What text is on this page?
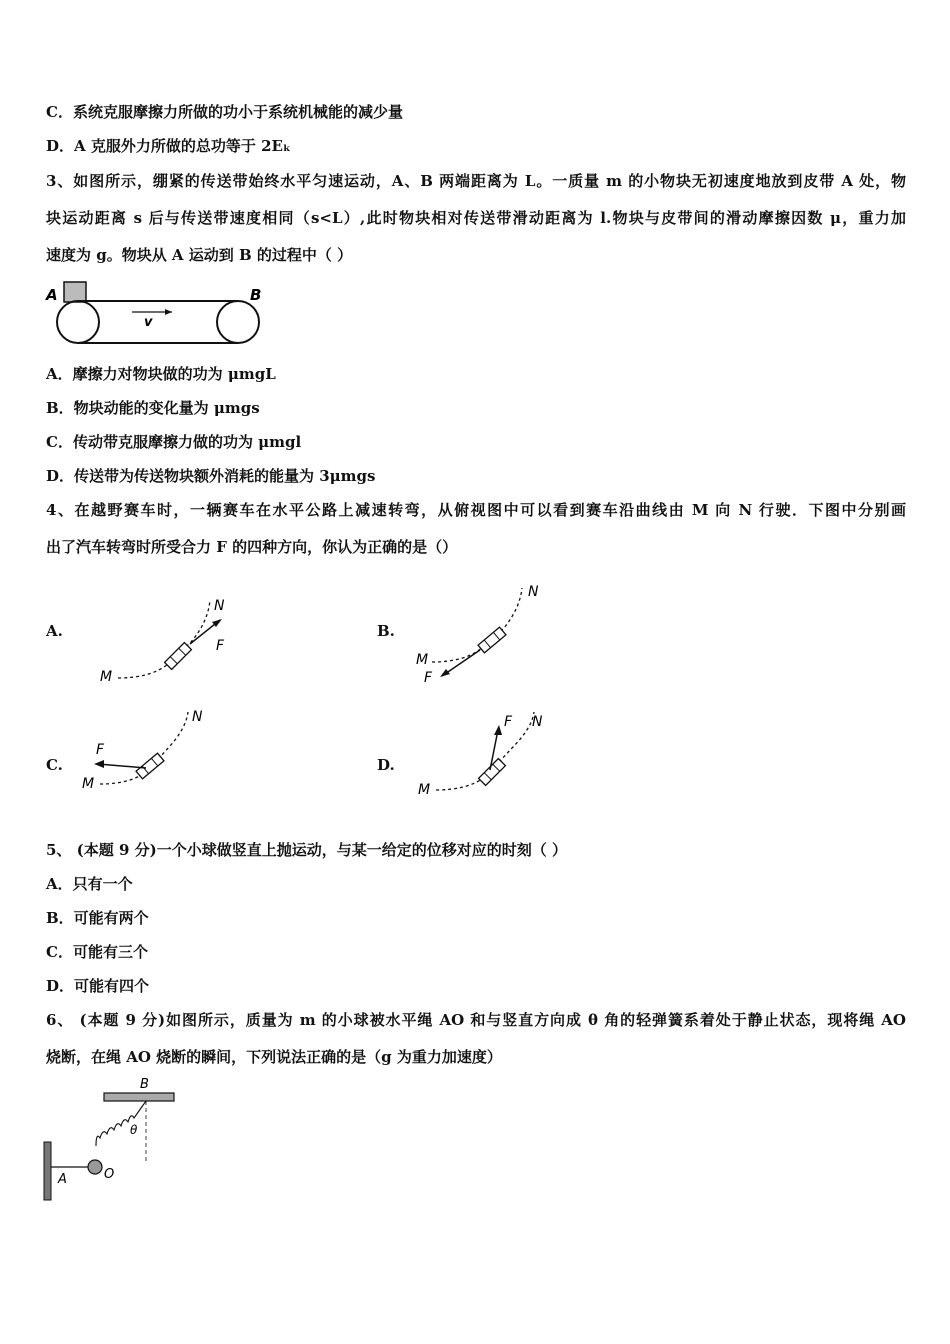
C．系统克服摩擦力所做的功小于系统机械能的减少量
D．A 克服外力所做的总功等于 2Eₖ
3、如图所示，绷紧的传送带始终水平匀速运动，A、B 两端距离为 L。一质量 m 的小物块无初速度地放到皮带 A 处，物
块运动距离 s 后与传送带速度相同（s<L）,此时物块相对传送带滑动距离为 l.物块与皮带间的滑动摩擦因数 μ，重力加
速度为 g。物块从 A 运动到 B 的过程中（ ）
A	B
v
A．摩擦力对物块做的功为 μmgL
B．物块动能的变化量为 μmgs
C．传动带克服摩擦力做的功为 μmgl
D．传送带为传送物块额外消耗的能量为 3μmgs
4、在越野赛车时，一辆赛车在水平公路上减速转弯，从俯视图中可以看到赛车沿曲线由 M 向 N 行驶．下图中分别画
出了汽车转弯时所受合力 F 的四种方向，你认为正确的是（）
A.	B.
C.	D.
M
N
F
M
N
F
M
N
F
M
N
F
5、 (本题 9 分)一个小球做竖直上抛运动，与某一给定的位移对应的时刻（ ）
A．只有一个
B．可能有两个
C．可能有三个
D．可能有四个
6、 (本题 9 分)如图所示，质量为 m 的小球被水平绳 AO 和与竖直方向成 θ 角的轻弹簧系着处于静止状态，现将绳 AO
烧断，在绳 AO 烧断的瞬间，下列说法正确的是（g 为重力加速度）
B
θ
O
A
